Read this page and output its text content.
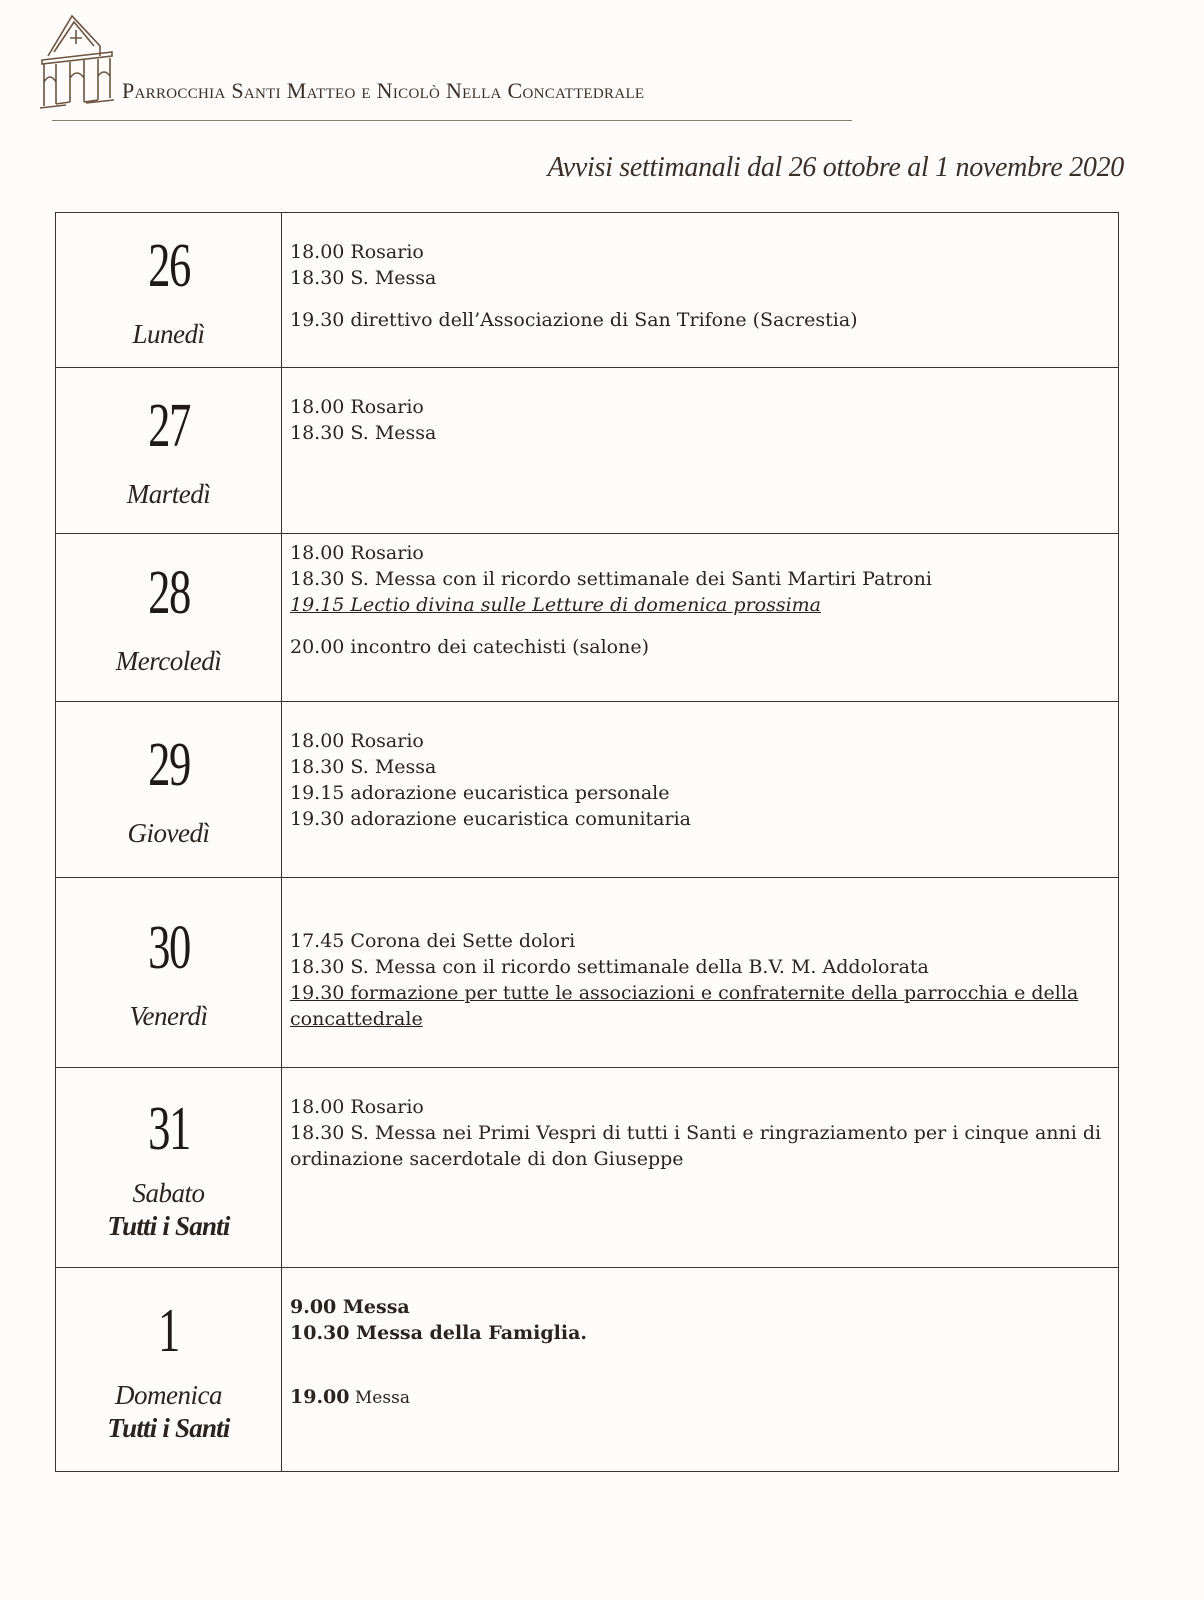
Parrocchia Santi Matteo e Nicolò Nella Concattedrale
Avvisi settimanali dal 26 ottobre al 1 novembre 2020
26
Lunedì
18.00 Rosario
18.30 S. Messa
19.30 direttivo dell’Associazione di San Trifone (Sacrestia)
27
Martedì
18.00 Rosario
18.30 S. Messa
28
Mercoledì
18.00 Rosario
18.30 S. Messa con il ricordo settimanale dei Santi Martiri Patroni
19.15 Lectio divina sulle Letture di domenica prossima
20.00 incontro dei catechisti (salone)
29
Giovedì
18.00 Rosario
18.30 S. Messa
19.15 adorazione eucaristica personale
19.30 adorazione eucaristica comunitaria
30
Venerdì
17.45 Corona dei Sette dolori
18.30 S. Messa con il ricordo settimanale della B.V. M. Addolorata
19.30 formazione per tutte le associazioni e confraternite della parrocchia e della concattedrale
31
Sabato
Tutti i Santi
18.00 Rosario
18.30 S. Messa nei Primi Vespri di tutti i Santi e ringraziamento per i cinque anni di ordinazione sacerdotale di don Giuseppe
1
Domenica
Tutti i Santi
9.00 Messa
10.30 Messa della Famiglia.
19.00 Messa
